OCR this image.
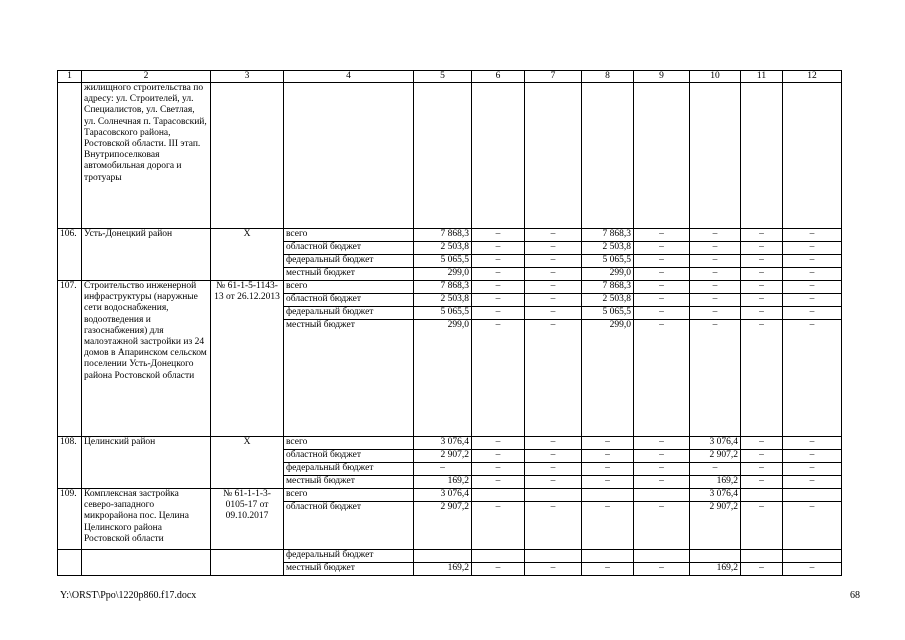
1	2	3	4	5	6	7	8	9	10	11	12
	жилищного строительства по адресу: ул. Строителей, ул. Специалистов, ул. Светлая, ул. Солнечная п. Тарасовский, Тарасовского района, Ростовской области. III этап. Внутрипоселковая автомобильная дорога и тротуары										
106.	Усть-Донецкий район	Х	всего	7 868,3	–	–	7 868,3	–	–	–	–
			областной бюджет	2 503,8	–	–	2 503,8	–	–	–	–
			федеральный бюджет	5 065,5	–	–	5 065,5	–	–	–	–
			местный бюджет	299,0	–	–	299,0	–	–	–	–
107.	Строительство инженерной инфраструктуры (наружные сети водоснабжения, водоотведения и газоснабжения) для малоэтажной застройки из 24 домов в Апаринском сельском поселении Усть-Донецкого района Ростовской области	№ 61-1-5-1143-13 от 26.12.2013	всего	7 868,3	–	–	7 868,3	–	–	–	–
			областной бюджет	2 503,8	–	–	2 503,8	–	–	–	–
			федеральный бюджет	5 065,5	–	–	5 065,5	–	–	–	–
			местный бюджет	299,0	–	–	299,0	–	–	–	–
108.	Целинский район	Х	всего	3 076,4	–	–	–	–	3 076,4	–	–
			областной бюджет	2 907,2	–	–	–	–	2 907,2	–	–
			федеральный бюджет	–	–	–	–	–	–	–	–
			местный бюджет	169,2	–	–	–	–	169,2	–	–
109.	Комплексная застройка северо-западного микрорайона пос. Целина Целинского района Ростовской области	№ 61-1-1-3-0105-17 от 09.10.2017	всего	3 076,4					3 076,4		
			областной бюджет	2 907,2	–	–	–	–	2 907,2	–	–
			федеральный бюджет								
			местный бюджет	169,2	–	–	–	–	169,2	–	–
Y:\ORST\Ppo\1220p860.f17.docx	68
